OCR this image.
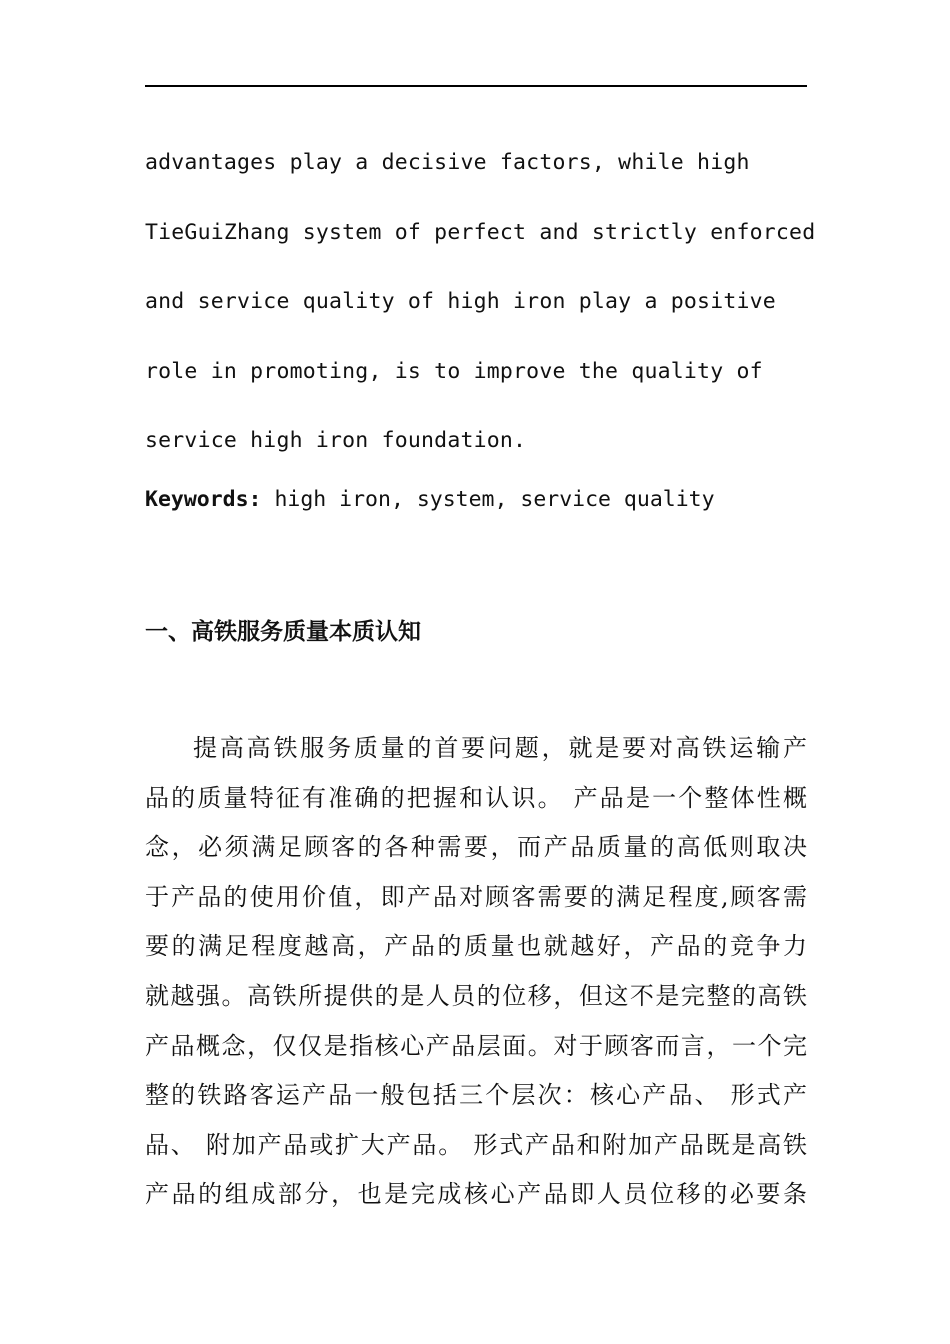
advantages play a decisive factors, while high
TieGuiZhang system of perfect and strictly enforced
and service quality of high iron play a positive
role in promoting, is to improve the quality of
service high iron foundation.
Keywords: high iron, system, service quality
一、高铁服务质量本质认知
提高高铁服务质量的首要问题，就是要对高铁运输产
品的质量特征有准确的把握和认识。 产品是一个整体性概
念，必须满足顾客的各种需要，而产品质量的高低则取决
于产品的使用价值，即产品对顾客需要的满足程度,顾客需
要的满足程度越高，产品的质量也就越好，产品的竞争力
就越强。高铁所提供的是人员的位移，但这不是完整的高铁
产品概念，仅仅是指核心产品层面。对于顾客而言，一个完
整的铁路客运产品一般包括三个层次：核心产品、 形式产
品、 附加产品或扩大产品。 形式产品和附加产品既是高铁
产品的组成部分，也是完成核心产品即人员位移的必要条
